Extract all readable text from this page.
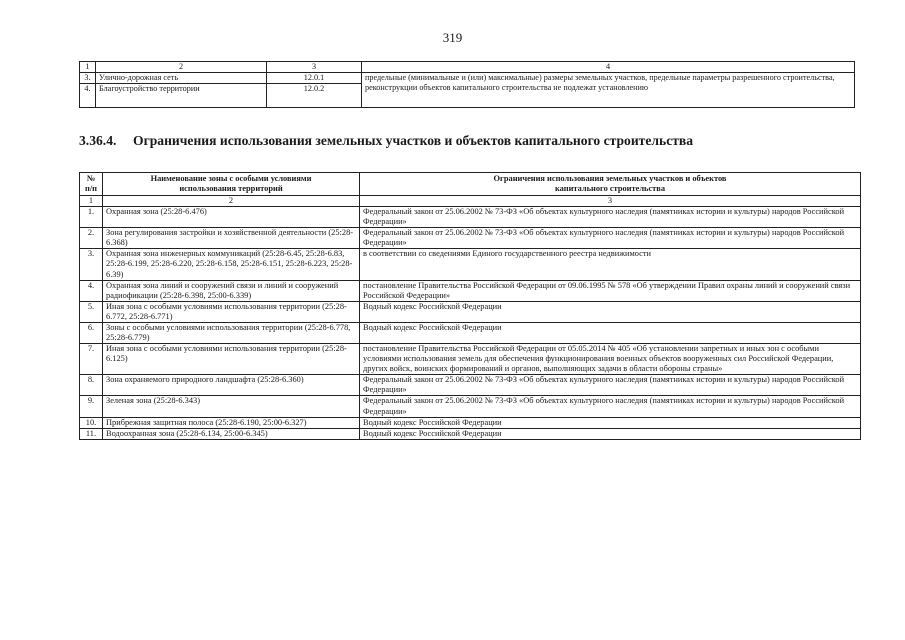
319
1	2	3	4
3.	Улично-дорожная сеть	12.0.1	предельные (минимальные и (или) максимальные) размеры земельных участков, предельные параметры разрешенного строительства, реконструкции объектов капитального строительства не подлежат установлению
4.	Благоустройство территории	12.0.2	
3.36.4. Ограничения использования земельных участков и объектов капитального строительства
№ п/п	Наименование зоны с особыми условиями использования территорий	Ограничения использования земельных участков и объектов капитального строительства
1	2	3
1.	Охранная зона (25:28-6.476)	Федеральный закон от 25.06.2002 № 73-ФЗ «Об объектах культурного наследия (памятниках истории и культуры) народов Российской Федерации»
2.	Зона регулирования застройки и хозяйственной деятельности (25:28-6.368)	Федеральный закон от 25.06.2002 № 73-ФЗ «Об объектах культурного наследия (памятниках истории и культуры) народов Российской Федерации»
3.	Охранная зона инженерных коммуникаций (25:28-6.45, 25:28-6.83, 25:28-6.199, 25:28-6.220, 25:28-6.158, 25:28-6.151, 25:28-6.223, 25:28-6.39)	в соответствии со сведениями Единого государственного реестра недвижимости
4.	Охранная зона линий и сооружений связи и линий и сооружений радиофикации (25:28-6.398, 25:00-6.339)	постановление Правительства Российской Федерации от 09.06.1995 № 578 «Об утверждении Правил охраны линий и сооружений связи Российской Федерации»
5.	Иная зона с особыми условиями использования территории (25:28-6.772, 25:28-6.771)	Водный кодекс Российской Федерации
6.	Зоны с особыми условиями использования территории (25:28-6.778, 25:28-6.779)	Водный кодекс Российской Федерации
7.	Иная зона с особыми условиями использования территории (25:28-6.125)	постановление Правительства Российской Федерации от 05.05.2014 № 405 «Об установлении запретных и иных зон с особыми условиями использования земель для обеспечения функционирования военных объектов вооруженных сил Российской Федерации, других войск, воинских формирований и органов, выполняющих задачи в области обороны страны»
8.	Зона охраняемого природного ландшафта (25:28-6.360)	Федеральный закон от 25.06.2002 № 73-ФЗ «Об объектах культурного наследия (памятниках истории и культуры) народов Российской Федерации»
9.	Зеленая зона (25:28-6.343)	Федеральный закон от 25.06.2002 № 73-ФЗ «Об объектах культурного наследия (памятниках истории и культуры) народов Российской Федерации»
10.	Прибрежная защитная полоса (25:28-6.190, 25:00-6.327)	Водный кодекс Российской Федерации
11.	Водоохранная зона (25:28-6.134, 25:00-6.345)	Водный кодекс Российской Федерации
